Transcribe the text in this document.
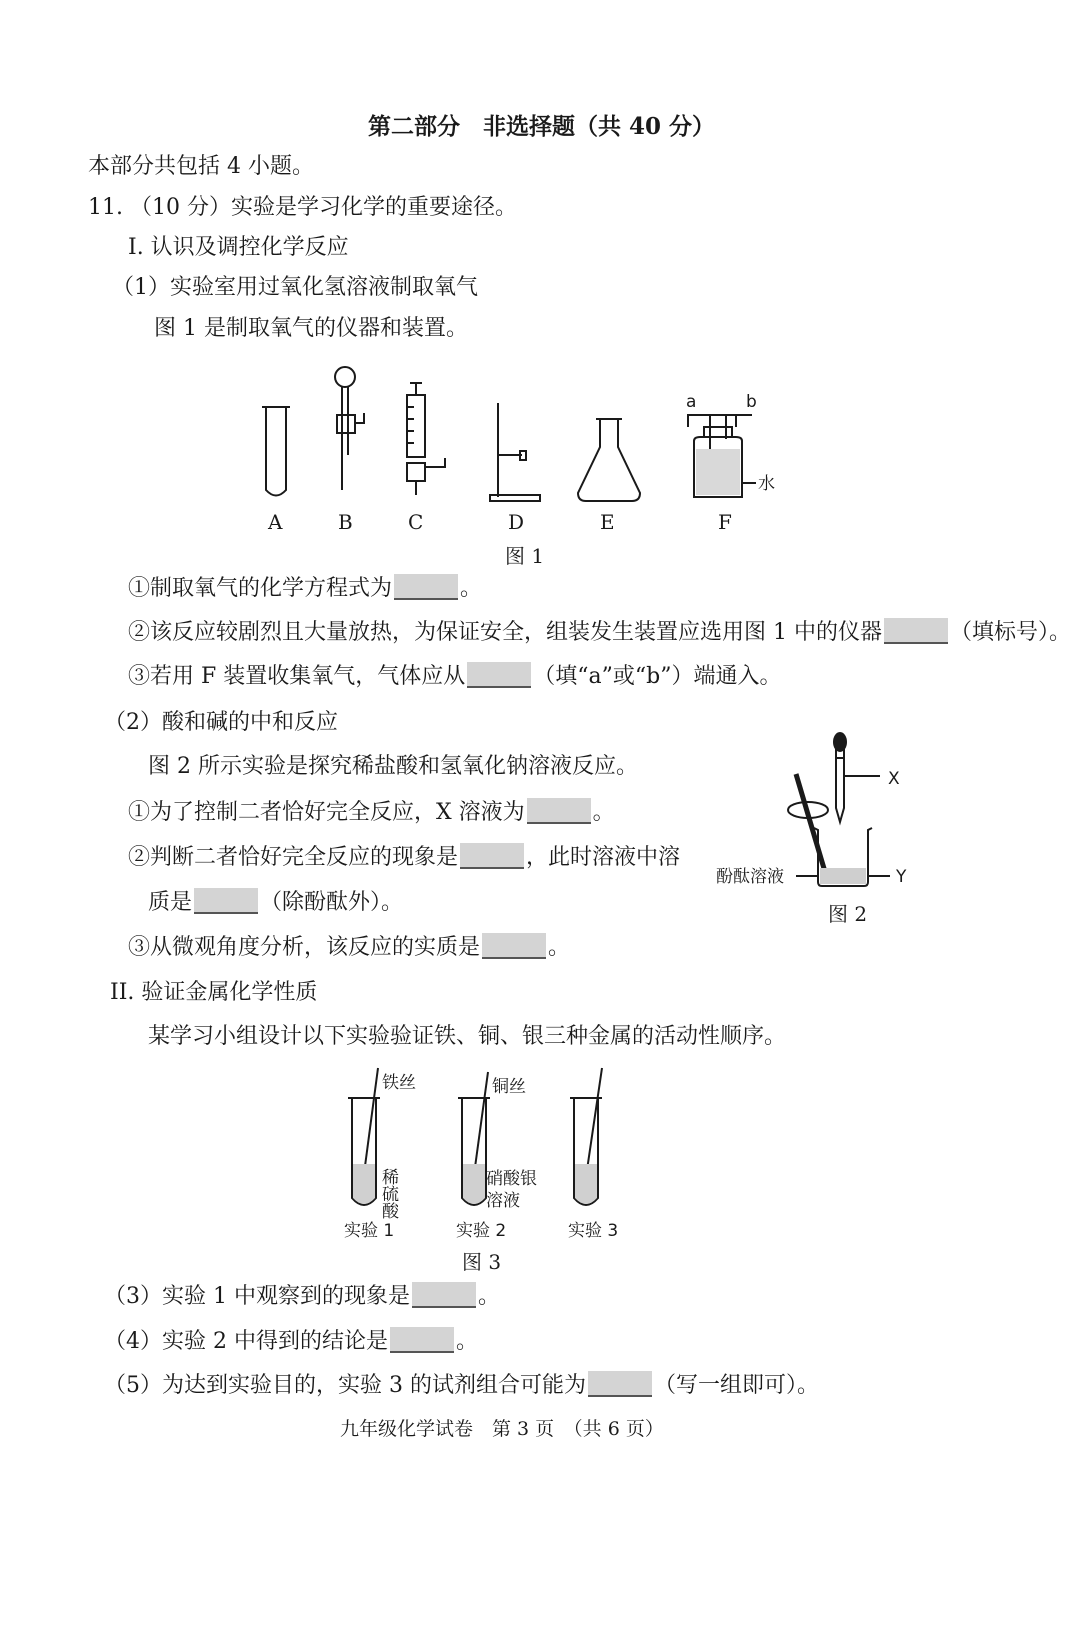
第二部分　非选择题（共 40 分）
本部分共包括 4 小题。
11. （10 分）实验是学习化学的重要途径。
I. 认识及调控化学反应
（1）实验室用过氧化氢溶液制取氧气
图 1 是制取氧气的仪器和装置。
a	b
水
A	B	C	D	E	F
图 1
①制取氧气的化学方程式为	。
②该反应较剧烈且大量放热，为保证安全，组装发生装置应选用图 1 中的仪器	（填标号）。
③若用 F 装置收集氧气，气体应从	（填“a”或“b”）端通入。
（2）酸和碱的中和反应
图 2 所示实验是探究稀盐酸和氢氧化钠溶液反应。
①为了控制二者恰好完全反应，X 溶液为	。
②判断二者恰好完全反应的现象是	，此时溶液中溶
质是	（除酚酞外）。
③从微观角度分析，该反应的实质是	。
X
Y
酚酞溶液
图 2
II. 验证金属化学性质
某学习小组设计以下实验验证铁、铜、银三种金属的活动性顺序。
铁丝	铜丝
稀硫酸	硝酸银
溶液
实验 1	实验 2	实验 3
图 3
（3）实验 1 中观察到的现象是	。
（4）实验 2 中得到的结论是	。
（5）为达到实验目的，实验 3 的试剂组合可能为	（写一组即可）。
九年级化学试卷　第 3 页　（共 6 页）
